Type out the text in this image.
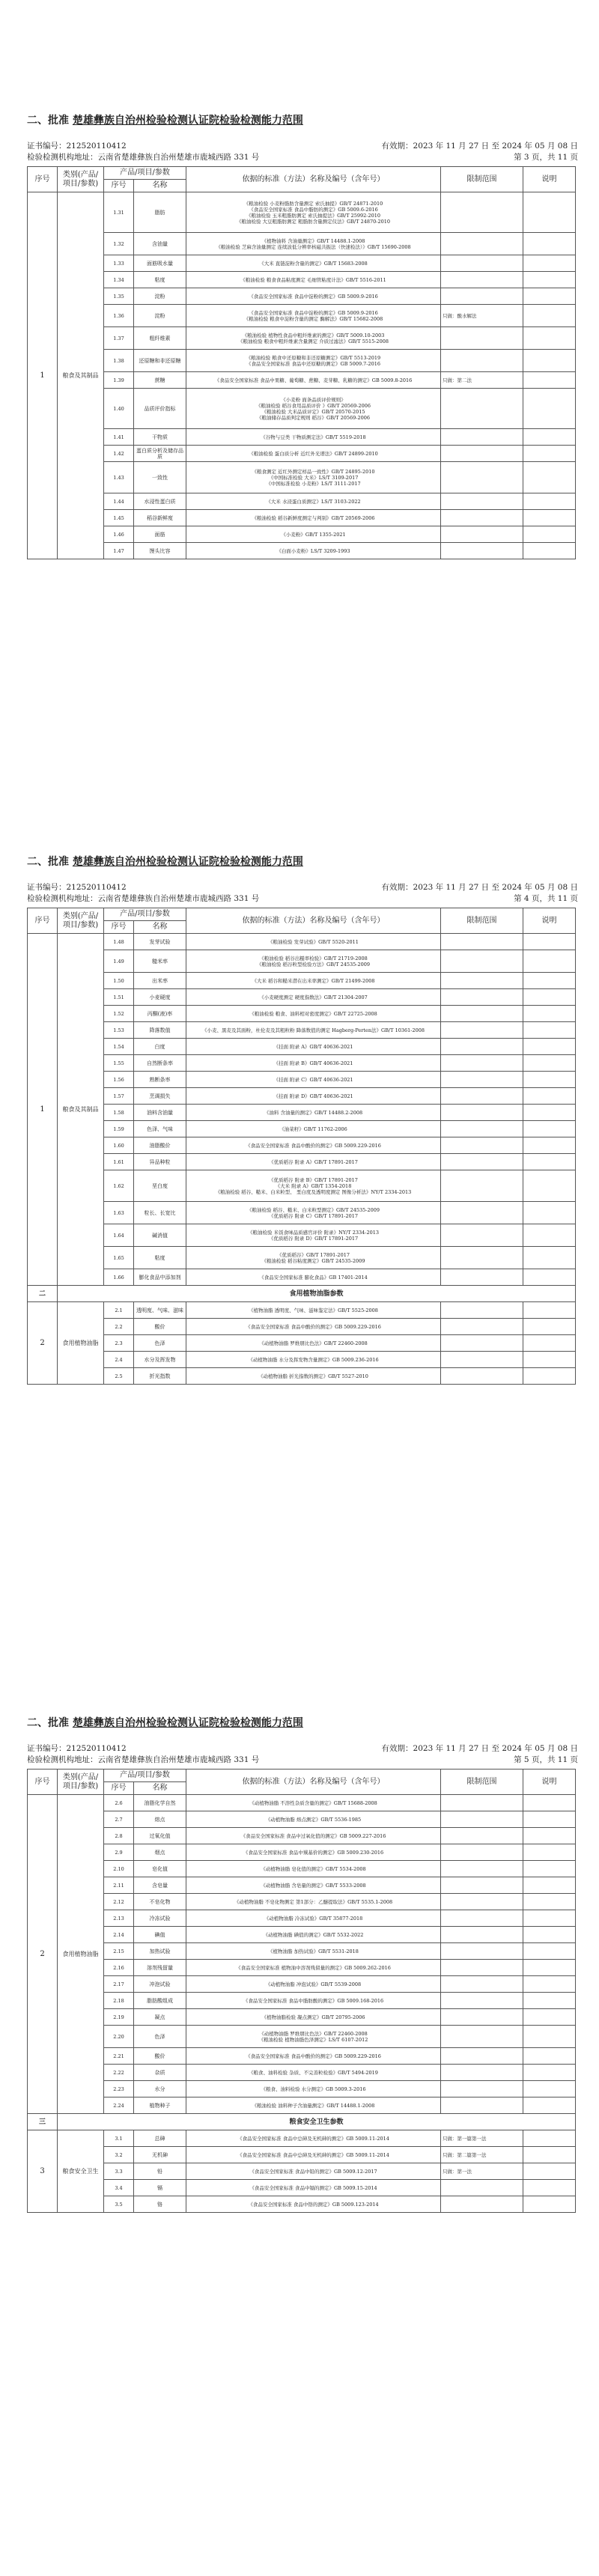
二、批准 楚雄彝族自治州检验检测认证院检验检测能力范围
证书编号：212520110412	有效期：2023 年 11 月 27 日 至 2024 年 05 月 08 日
检验检测机构地址：云南省楚雄彝族自治州楚雄市鹿城西路 331 号	第 3 页，共 11 页
序号	类别(产品/项目/参数)	产品/项目/参数		依据的标准（方法）名称及编号（含年号）	限制范围	说明
		序号	名称			
1	粮食及其制品	1.31	脂肪	《粮油检验 小麦粉脂肪含量测定 索氏抽提》GB/T 24871-2010
《食品安全国家标准 食品中脂肪的测定》GB 5009.6-2016
《粮油检验 玉米粗脂肪测定 索氏抽提法》GB/T 25992-2010
《粮油检验 大豆粗脂肪测定 粗脂肪含量测定仪法》GB/T 24870-2010		

		1.32	含油量	《植物油料 含油量测定》GB/T 14488.1-2008
《粮油检验 芝麻含油量测定 连续波低分辨率核磁共振法（快速检法）》GB/T 15690-2008		

		1.33	面筋吸水量	《大米 直链淀粉含量的测定》GB/T 15683-2008		

		1.34	粘度	《粮油检验 粮食食品粘度测定 毛细管粘度计法》GB/T 5516-2011		

		1.35	淀粉	《食品安全国家标准 食品中淀粉的测定》GB 5009.9-2016		

		1.36	淀粉	《食品安全国家标准 食品中淀粉的测定》GB 5009.9-2016
《粮油检验 粮食中淀粉含量的测定 酶解法》GB/T 15682-2008	只做：酸水解法	
		1.37	粗纤维素	《粮油检验 植物性食品中粗纤维素的测定》GB/T 5009.10-2003
《粮油检验 粮食中粗纤维素含量测定 介质过滤法》GB/T 5515-2008		

		1.38	还原糖和非还原糖	《粮油检验 粮食中还原糖和非还原糖测定》GB/T 5513-2019
《食品安全国家标准 食品中还原糖的测定》GB 5009.7-2016		

		1.39	蔗糖	《食品安全国家标准 食品中果糖、葡萄糖、蔗糖、麦芽糖、乳糖的测定》GB 5009.8-2016	只做：第二法	
		1.40	品质评价指标	《小麦粉 面条品质评价规则》
《粮油检验 稻谷食用品质评价 》GB/T 20569-2006
《粮油检验 大米品质评定》GB/T 20570-2015
《粮油储存品质判定规则 稻谷》GB/T 20569-2006		

		1.41	干物质	《谷物与豆类 干物质测定法》GB/T 5519-2018		

		1.42	蛋白质分析及储存品质	《粮油检验 蛋白质分析 近红外光谱法》GB/T 24899-2010		

		1.43	一致性	《粮食测定 近红外测定样品一致性》GB/T 24895-2010
《中国标准检验 大米》LS/T 3109-2017
《中国标准检验 小麦粉》LS/T 3111-2017		

		1.44	水浸性蛋白质	《大米 水浸蛋白质测定》LS/T 3103-2022		

		1.45	稻谷新鲜度	《粮油检验 稻谷新鲜度测定与判别》GB/T 20569-2006		

		1.46	面筋	《小麦粉》GB/T 1355-2021		

		1.47	馒头比容	《白面小麦粉》LS/T 3209-1993		

二、批准 楚雄彝族自治州检验检测认证院检验检测能力范围
证书编号：212520110412	有效期：2023 年 11 月 27 日 至 2024 年 05 月 08 日
检验检测机构地址：云南省楚雄彝族自治州楚雄市鹿城西路 331 号	第 4 页，共 11 页
序号	类别(产品/项目/参数)	产品/项目/参数		依据的标准（方法）名称及编号（含年号）	限制范围	说明
		序号	名称			
1	粮食及其制品	1.48	发芽试验	《粮油检验 发芽试验》GB/T 5520-2011		

		1.49	糙米率	《粮油检验 稻谷出糙率检验》GB/T 21719-2008
《粮油检验 稻谷粒型检验方法》GB/T 24535-2009		

		1.50	出米率	《大米 稻谷和糙米潜在出米率测定》GB/T 21499-2008		

		1.51	小麦硬度	《小麦硬度测定 硬度指数法》GB/T 21304-2007		

		1.52	丙酮(液)率	《粮油检验 粮食、油料相对密度测定》GB/T 22725-2008		

		1.53	降落数值	《小麦、黑麦及其面粉，杜伦麦及其粗粒粉 降落数值的测定 Hagberg-Perten法》GB/T 10361-2008		

		1.54	白度	《挂面 附录 A》GB/T 40636-2021		

		1.55	自然断条率	《挂面 附录 B》GB/T 40636-2021		

		1.56	熟断条率	《挂面 附录 C》GB/T 40636-2021		

		1.57	烹调损失	《挂面 附录 D》GB/T 40636-2021		

		1.58	油料含油量	《油料 含油量的测定》GB/T 14488.2-2008		

		1.59	色泽、气味	《油菜籽》GB/T 11762-2006		

		1.60	油脂酸价	《食品安全国家标准 食品中酸价的测定》GB 5009.229-2016		

		1.61	异品种粒	《优质稻谷 附录 A》GB/T 17891-2017		

		1.62	垩白度	《优质稻谷 附录 B》GB/T 17891-2017
《大米 附录 A》GB/T 1354-2018
《粮油检验 稻谷、糙米、白米粒型、 垩白度及透明度测定 图像分析法》NY/T 2334-2013		

		1.63	粒长、长宽比	《粮油检验 稻谷、糙米、白米粒型测定》GB/T 24535-2009
《优质稻谷 附录 C》GB/T 17891-2017		

		1.64	碱消值	《粮油检验 米饭食味品质感官评价 附录》NY/T 2334-2013
《优质稻谷 附录 D》GB/T 17891-2017		

		1.65	粘度	《优质稻谷》GB/T 17891-2017
《粮油检验 稻谷粘度测定》GB/T 24535-2009		

		1.66	膨化食品中添加剂	《食品安全国家标准 膨化食品》GB 17401-2014		

二	食用植物油脂参数					
2	食用植物油脂	2.1	透明度、气味、滋味	《植物油脂 透明度、气味、滋味鉴定法》GB/T 5525-2008		

		2.2	酸价	《食品安全国家标准 食品中酸价的测定》GB 5009.229-2016		

		2.3	色泽	《动植物油脂 罗维朋比色法》GB/T 22460-2008		

		2.4	水分及挥发物	《动植物油脂 水分及挥发物含量测定》GB 5009.236-2016		

		2.5	折光指数	《动植物油脂 折光指数的测定》GB/T 5527-2010		

二、批准 楚雄彝族自治州检验检测认证院检验检测能力范围
证书编号：212520110412	有效期：2023 年 11 月 27 日 至 2024 年 05 月 08 日
检验检测机构地址：云南省楚雄彝族自治州楚雄市鹿城西路 331 号	第 5 页，共 11 页
序号	类别(产品/项目/参数)	产品/项目/参数		依据的标准（方法）名称及编号（含年号）	限制范围	说明
		序号	名称			
2	食用植物油脂	2.6	油脂化学自然	《动植物油脂 不溶性杂质含量的测定》GB/T 15688-2008		

		2.7	熔点	《动植物油脂 熔点测定》GB/T 5536-1985		

		2.8	过氧化值	《食品安全国家标准 食品中过氧化值的测定》GB 5009.227-2016		

		2.9	烟点	《食品安全国家标准 食品中羰基价的测定》GB 5009.230-2016		

		2.10	皂化值	《动植物油脂 皂化值的测定》GB/T 5534-2008		

		2.11	含皂量	《动植物油脂 含皂量的测定》GB/T 5533-2008		

		2.12	不皂化物	《动植物油脂 不皂化物测定 第1部分：乙醚提取法》GB/T 5535.1-2008		

		2.13	冷冻试验	《动植物油脂 冷冻试验》GB/T 35877-2018		

		2.14	碘值	《动植物油脂 碘值的测定》GB/T 5532-2022		

		2.15	加热试验	《植物油脂 加热试验》GB/T 5531-2018		

		2.16	溶剂残留量	《食品安全国家标准 植物油中溶剂残留量的测定》GB 5009.262-2016		

		2.17	冲泡试验	《动植物油脂 冲泡试验》GB/T 5539-2008		

		2.18	脂肪酸组成	《食品安全国家标准 食品中脂肪酸的测定》GB 5009.168-2016		

		2.19	凝点	《植物油脂检验 凝点测定》GB/T 20795-2006		

		2.20	色泽	《动植物油脂 罗维朋比色法》GB/T 22460-2008
《粮油检验 植物油脂色泽测定》LS/T 6107-2012		

		2.21	酸价	《食品安全国家标准 食品中酸价的测定》GB 5009.229-2016		

		2.22	杂质	《粮食、油料检验 杂质、不完善粒检验》GB/T 5494-2019		

		2.23	水分	《粮食、油料检验 水分测定》GB 5009.3-2016		

		2.24	植物种子	《粮油检验 油料种子含油量测定》GB/T 14488.1-2008		

三	粮食安全卫生参数					
3	粮食安全卫生	3.1	总砷	《食品安全国家标准 食品中总砷及无机砷的测定》GB 5009.11-2014	只做：第一篇第一法	
		3.2	无机砷	《食品安全国家标准 食品中总砷及无机砷的测定》GB 5009.11-2014	只做：第二篇第一法	
		3.3	铅	《食品安全国家标准 食品中铅的测定》GB 5009.12-2017	只做：第一法	
		3.4	镉	《食品安全国家标准 食品中镉的测定》GB 5009.15-2014		

		3.5	铬	《食品安全国家标准 食品中铬的测定》GB 5009.123-2014		
